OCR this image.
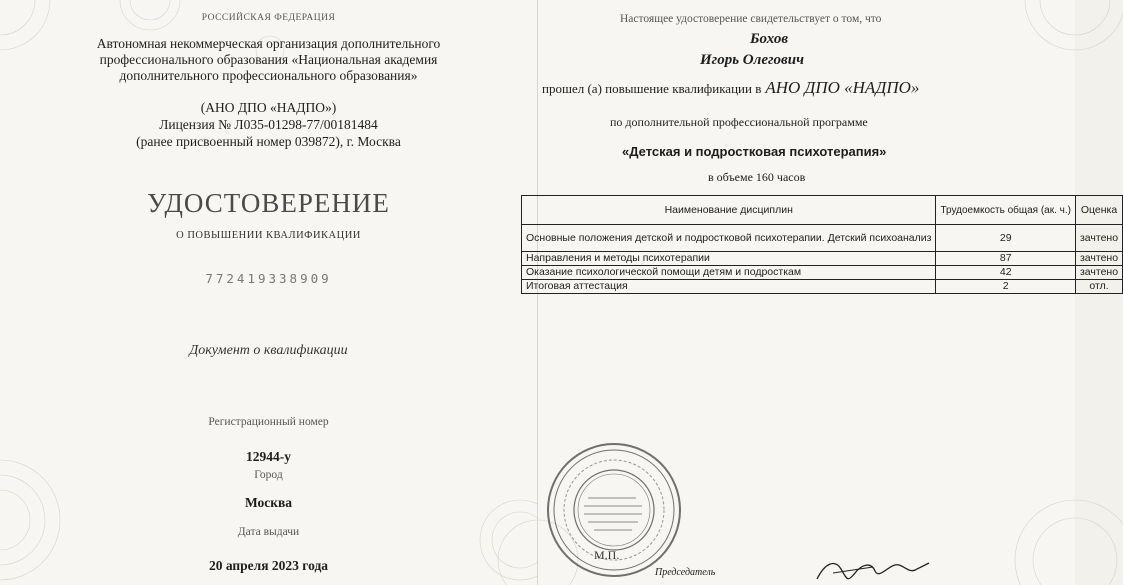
РОССИЙСКАЯ ФЕДЕРАЦИЯ
Автономная некоммерческая организация дополнительного
профессионального образования «Национальная академия
дополнительного профессионального образования»
(АНО ДПО «НАДПО»)
Лицензия № Л035-01298-77/00181484
(ранее присвоенный номер 039872), г. Москва
УДОСТОВЕРЕНИЕ
О ПОВЫШЕНИИ КВАЛИФИКАЦИИ
772419338909
Документ о квалификации
Регистрационный номер
12944-у
Город
Москва
Дата выдачи
20 апреля 2023 года
Настоящее удостоверение свидетельствует о том, что
Бохов
Игорь Олегович
прошел (а) повышение квалификации в АНО ДПО «НАДПО»
по дополнительной профессиональной программе
«Детская и подростковая психотерапия»
в объеме 160 часов
Наименование дисциплин	Трудоемкость общая (ак. ч.)	Оценка
Основные положения детской и подростковой психотерапии. Детский психоанализ	29	зачтено
Направления и методы психотерапии	87	зачтено
Оказание психологической помощи детям и подросткам	42	зачтено
Итоговая аттестация	2	отл.
М.П.
Председатель
